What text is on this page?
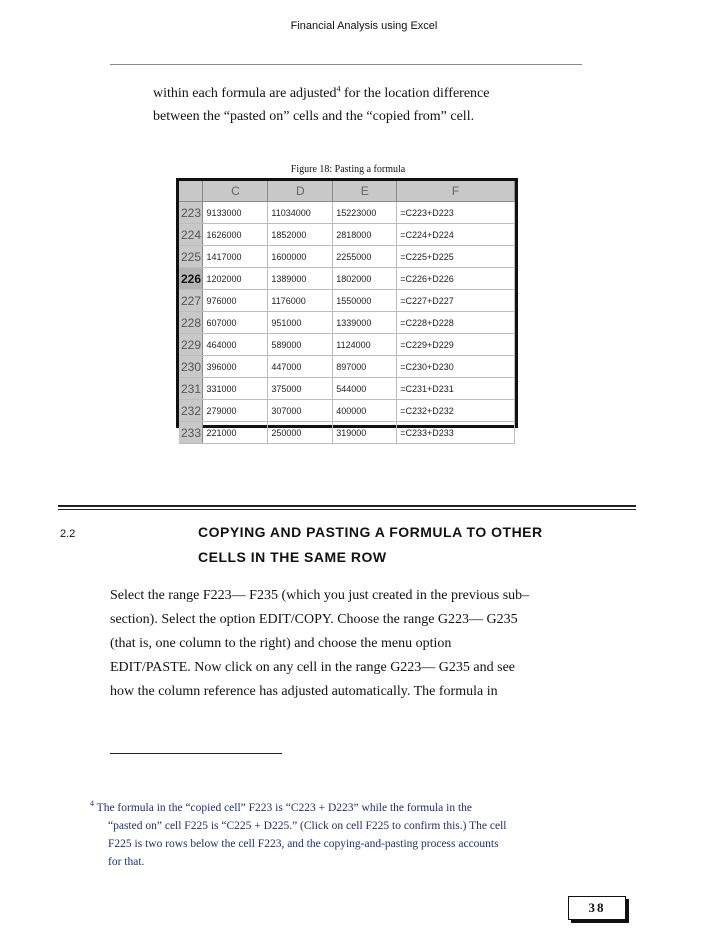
Financial Analysis using Excel
within each formula are adjusted$^4$ for the location difference
between the “pasted on” cells and the “copied from” cell.
Figure 18: Pasting a formula
	C	D	E	F
223	9133000	11034000	15223000	=C223+D223
224	1626000	1852000	2818000	=C224+D224
225	1417000	1600000	2255000	=C225+D225
226	1202000	1389000	1802000	=C226+D226
227	976000	1176000	1550000	=C227+D227
228	607000	951000	1339000	=C228+D228
229	464000	589000	1124000	=C229+D229
230	396000	447000	897000	=C230+D230
231	331000	375000	544000	=C231+D231
232	279000	307000	400000	=C232+D232
233	221000	250000	319000	=C233+D233
2.2	COPYING AND PASTING A FORMULA TO OTHER
CELLS IN THE SAME ROW
Select the range F223— F235 (which you just created in the previous sub–
section). Select the option EDIT/COPY. Choose the range G223— G235
(that is, one column to the right) and choose the menu option
EDIT/PASTE. Now click on any cell in the range G223— G235 and see
how the column reference has adjusted automatically. The formula in
$^4$ The formula in the “copied cell” F223 is “C223 + D223” while the formula in the
“pasted on” cell F225 is “C225 + D225.” (Click on cell F225 to confirm this.) The cell
F225 is two rows below the cell F223, and the copying-and-pasting process accounts
for that.
38
